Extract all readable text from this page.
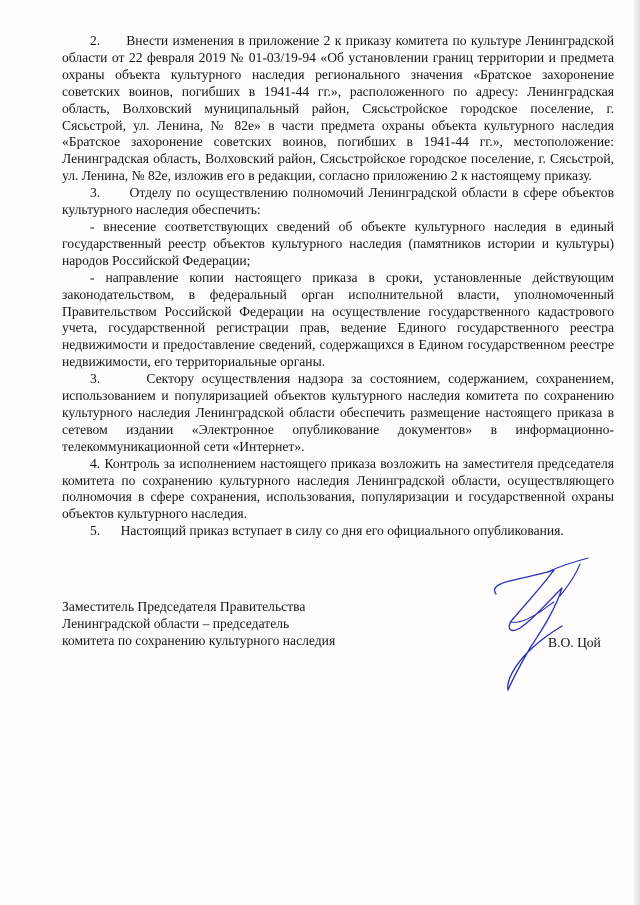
2.      Внести изменения в приложение 2 к приказу комитета по культуре Ленинградской области от 22 февраля 2019 № 01-03/19-94 «Об установлении границ территории и предмета охраны объекта культурного наследия регионального значения «Братское захоронение советских воинов, погибших в 1941-44 гг.», расположенного по адресу: Ленинградская область, Волховский муниципальный район, Сясьстройское городское поселение, г. Сясьстрой, ул. Ленина, № 82е» в части предмета охраны объекта культурного наследия «Братское захоронение советских воинов, погибших в 1941-44 гг.», местоположение: Ленинградская область, Волховский район, Сясьстройское городское поселение, г. Сясьстрой, ул. Ленина, № 82е, изложив его в редакции, согласно приложению 2 к настоящему приказу.

3.      Отделу по осуществлению полномочий Ленинградской области в сфере объектов культурного наследия обеспечить:

- внесение соответствующих сведений об объекте культурного наследия в единый государственный реестр объектов культурного наследия (памятников истории и культуры) народов Российской Федерации;

- направление копии настоящего приказа в сроки, установленные действующим законодательством, в федеральный орган исполнительной власти, уполномоченный Правительством Российской Федерации на осуществление государственного кадастрового учета, государственной регистрации прав, ведение Единого государственного реестра недвижимости и предоставление сведений, содержащихся в Едином государственном реестре недвижимости, его территориальные органы.

3.      Сектору осуществления надзора за состоянием, содержанием, сохранением, использованием и популяризацией объектов культурного наследия комитета по сохранению культурного наследия Ленинградской области обеспечить размещение настоящего приказа в сетевом издании «Электронное опубликование документов» в информационно-телекоммуникационной сети «Интернет».

4. Контроль за исполнением настоящего приказа возложить на заместителя председателя комитета по сохранению культурного наследия Ленинградской области, осуществляющего полномочия в сфере сохранения, использования, популяризации и государственной охраны объектов культурного наследия.

5.      Настоящий приказ вступает в силу со дня его официального опубликования.

Заместитель Председателя Правительства
Ленинградской области – председатель
комитета по сохранению культурного наследия	В.О. Цой
